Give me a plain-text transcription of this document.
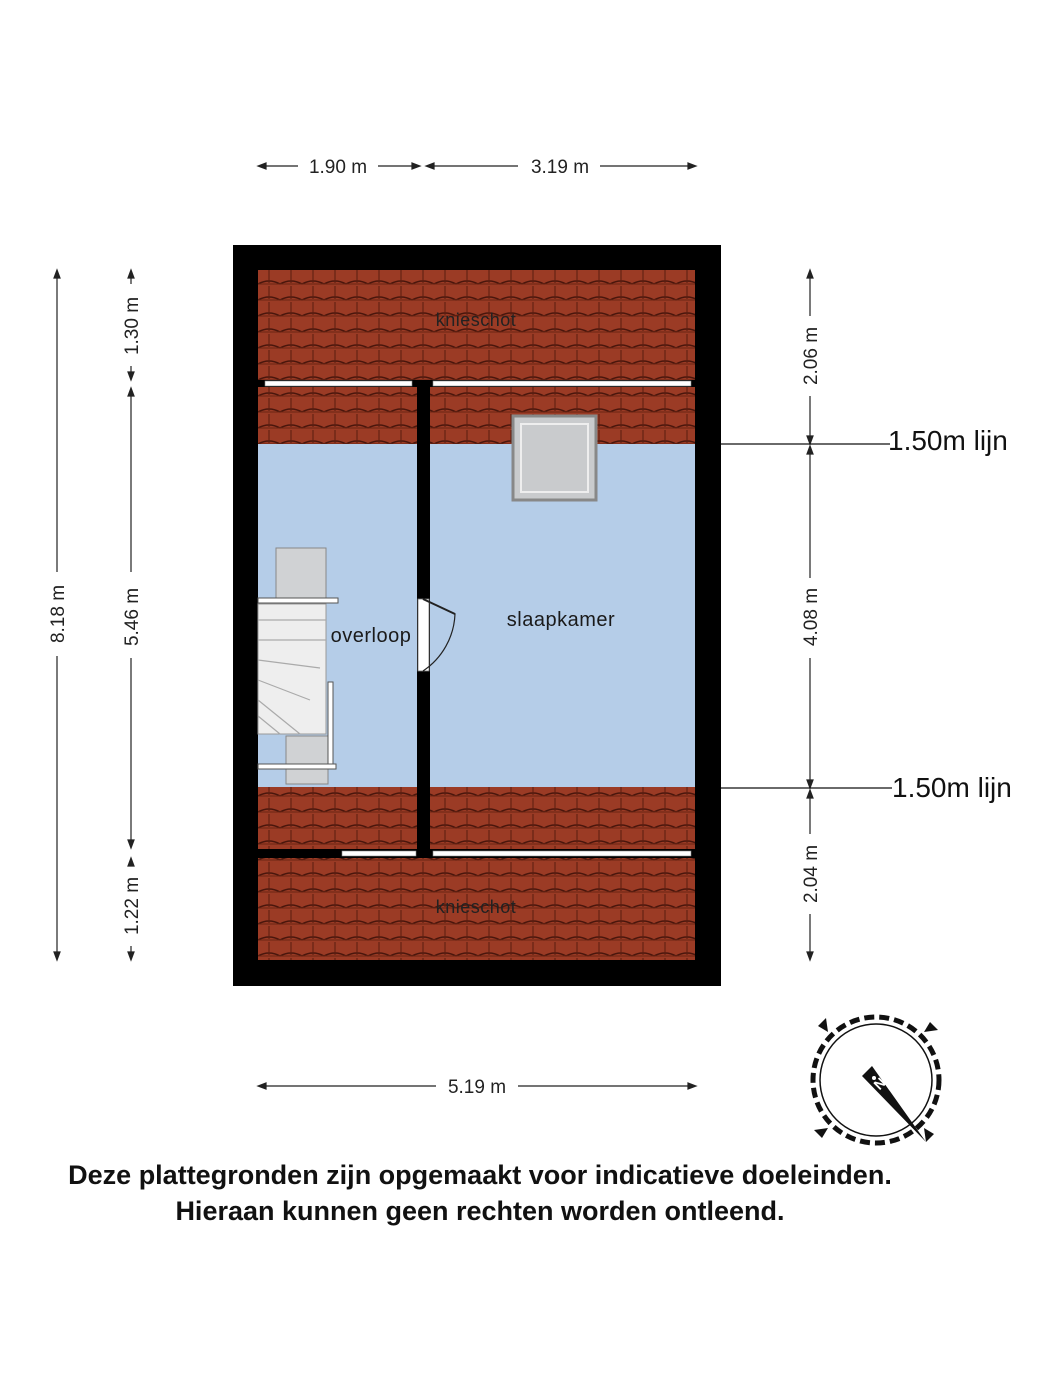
knieschot
knieschot
overloop
slaapkamer
1.90 m	3.19 m
5.19 m
8.18 m
1.30 m
5.46 m
1.22 m
2.06 m
4.08 m
2.04 m
1.50m lijn
1.50m lijn
N
Deze plattegronden zijn opgemaakt voor indicatieve doeleinden.
Hieraan kunnen geen rechten worden ontleend.
